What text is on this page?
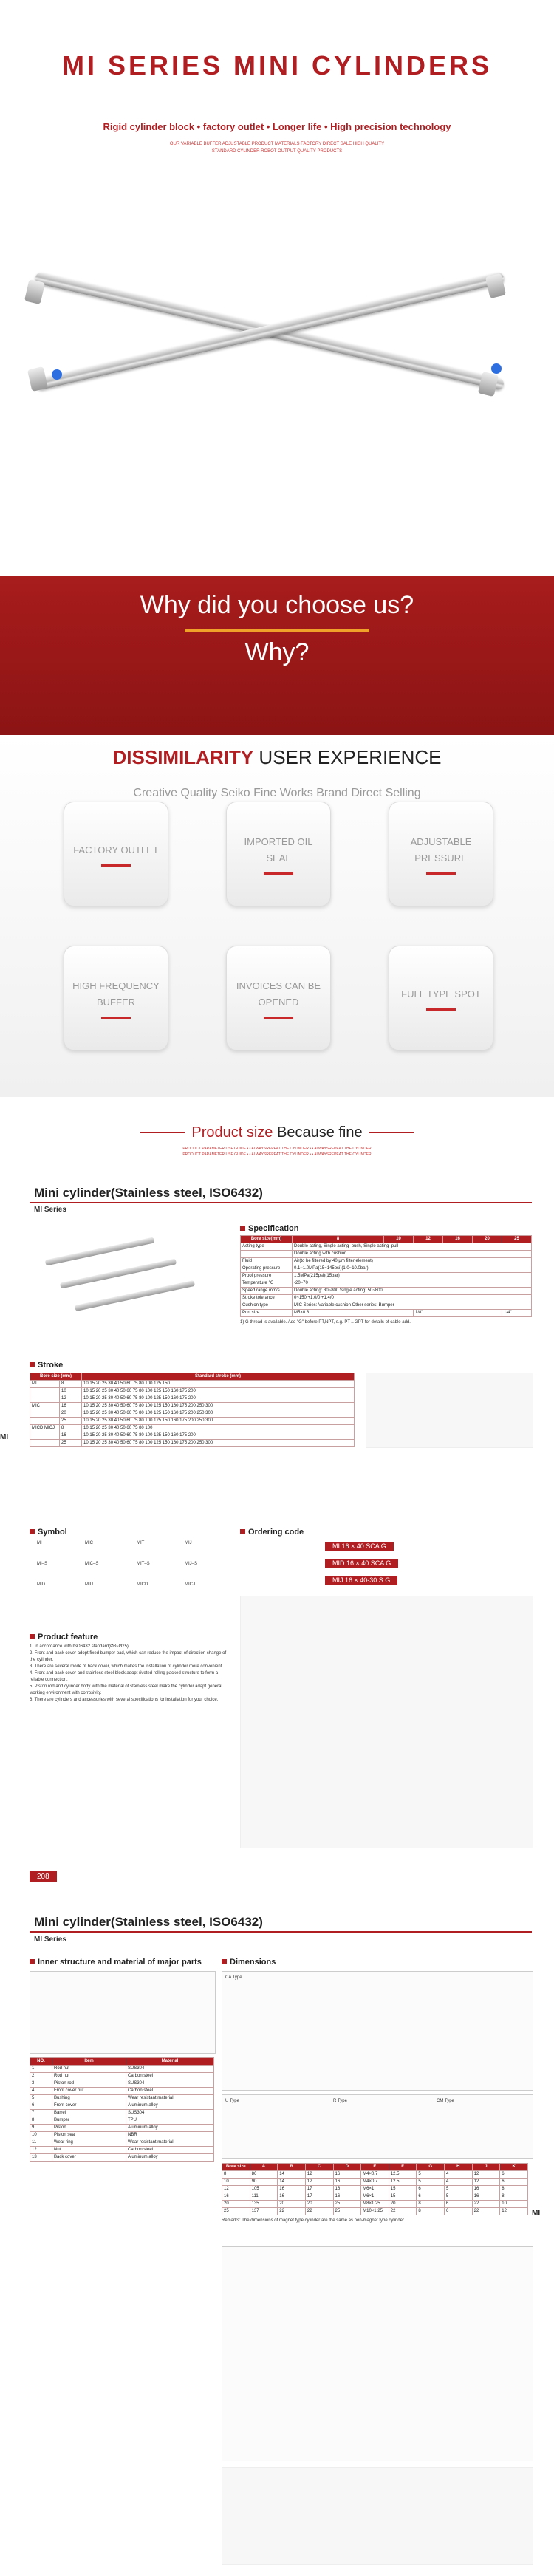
MI SERIES MINI CYLINDERS
Rigid cylinder block • factory outlet • Longer life • High precision technology
OUR VARIABLE BUFFER ADJUSTABLE PRODUCT MATERIALS FACTORY DIRECT SALE HIGH QUALITY
STANDARD CYLINDER ROBOT OUTPUT QUALITY PRODUCTS
Why did you choose us?
Why?
DISSIMILARITY USER EXPERIENCE
Creative Quality Seiko Fine Works Brand Direct Selling
FACTORY OUTLET
IMPORTED OIL SEAL
ADJUSTABLE PRESSURE
HIGH FREQUENCY BUFFER
INVOICES CAN BE OPENED
FULL TYPE SPOT
Product size Because fine
PRODUCT PARAMETER USE GUIDE • • ALWAYSREPEAT THE CYLINDER • • ALWAYSREPEAT THE CYLINDER
PRODUCT PARAMETER USE GUIDE • • ALWAYSREPEAT THE CYLINDER • • ALWAYSREPEAT THE CYLINDER
Mini cylinder(Stainless steel, ISO6432)
MI Series
Specification
Bore size(mm)	8	10	12	16	20	25
Acting type	Double acting, Single acting_push, Single acting_pull					
	Double acting with cushion					
Fluid	Air(to be filtered by 40 μm filter element)					
Operating pressure	0.1~1.0MPa(15~145psi)(1.0~10.0bar)					
Proof pressure	1.5MPa(215psi)(15bar)					
Temperature ℃	-20~70					
Speed range mm/s	Double acting: 30~800 Single acting: 50~800					
Stroke tolerance	0~150 +1.0/0 +1.4/0					
Cushion type	MIC Series: Variable cushion Other series: Bumper					
Port size	M5×0.8		1/8"			1/4"
1) G thread is available. Add "G" before PT,NPT, e.g. PT→GPT for details of cable add.
Stroke
MI
Bore size (mm)		Standard stroke (mm)
MI	8	10 15 20 25 30 40 50 60 75 80 100 125 150
	10	10 15 20 25 30 40 50 60 75 80 100 125 150 160 175 200
	12	10 15 20 25 30 40 50 60 75 80 100 125 150 160 175 200
MIC	16	10 15 20 25 30 40 50 60 75 80 100 125 150 160 175 200 250 300
	20	10 15 20 25 30 40 50 60 75 80 100 125 150 160 175 200 250 300
	25	10 15 20 25 30 40 50 60 75 80 100 125 150 160 175 200 250 300
MICD MICJ	8	10 15 20 25 30 40 50 60 75 80 100
	16	10 15 20 25 30 40 50 60 75 80 100 125 150 160 175 200
	25	10 15 20 25 30 40 50 60 75 80 100 125 150 160 175 200 250 300
Symbol
MI
MI–S
MIT	MIJ
MIC
MIC–S	MIT–S	MIJ–S
MID	MIU	MICD	MICJ
Product feature
1. In accordance with ISO6432 standard(Ø8~Ø25).
2. Front and back cover adopt fixed bumper pad, which can reduce the impact of direction change of the cylinder.
3. There are several mode of back cover, which makes the installation of cylinder more convenient.
4. Front and back cover and stainless steel block adopt riveted rolling packed structure to form a reliable connection.
5. Piston rod and cylinder body with the material of stainless steel make the cylinder adapt general working environment with corrosivity.
6. There are cylinders and accessories with several specifications for installation for your choice.
Ordering code
MI 16 × 40 SCA G
MID 16 × 40 SCA G
MIJ 16 × 40-30 S G
208
Mini cylinder(Stainless steel, ISO6432)
MI Series
Inner structure and material of major parts
NO.	Item	Material
1	Rod nut	SUS304
2	Rod nut	Carbon steel
3	Piston rod	SUS304
4	Front cover nut	Carbon steel
5	Bushing	Wear resistant material
6	Front cover	Aluminum alloy
7	Barrel	SUS304
8	Bumper	TPU
9	Piston	Aluminum alloy
10	Piston seal	NBR
11	Wear ring	Wear resistant material
12	Nut	Carbon steel
13	Back cover	Aluminum alloy
Dimensions
CA Type
U Type	R Type	CM Type
MI
Bore size	A	B	C	D	E	F	G	H	J	K
8	86	14	12	16	M4×0.7	12.5	5	4	12	6
10	90	14	12	16	M4×0.7	12.5	5	4	12	6
12	105	16	17	16	M6×1	15	6	5	16	8
16	111	16	17	16	M6×1	15	6	5	16	8
20	135	20	20	25	M8×1.25	20	8	6	22	10
25	137	22	22	25	M10×1.25	22	8	6	22	12
Remarks: The dimensions of magnet type cylinder are the same as non-magnet type cylinder.
